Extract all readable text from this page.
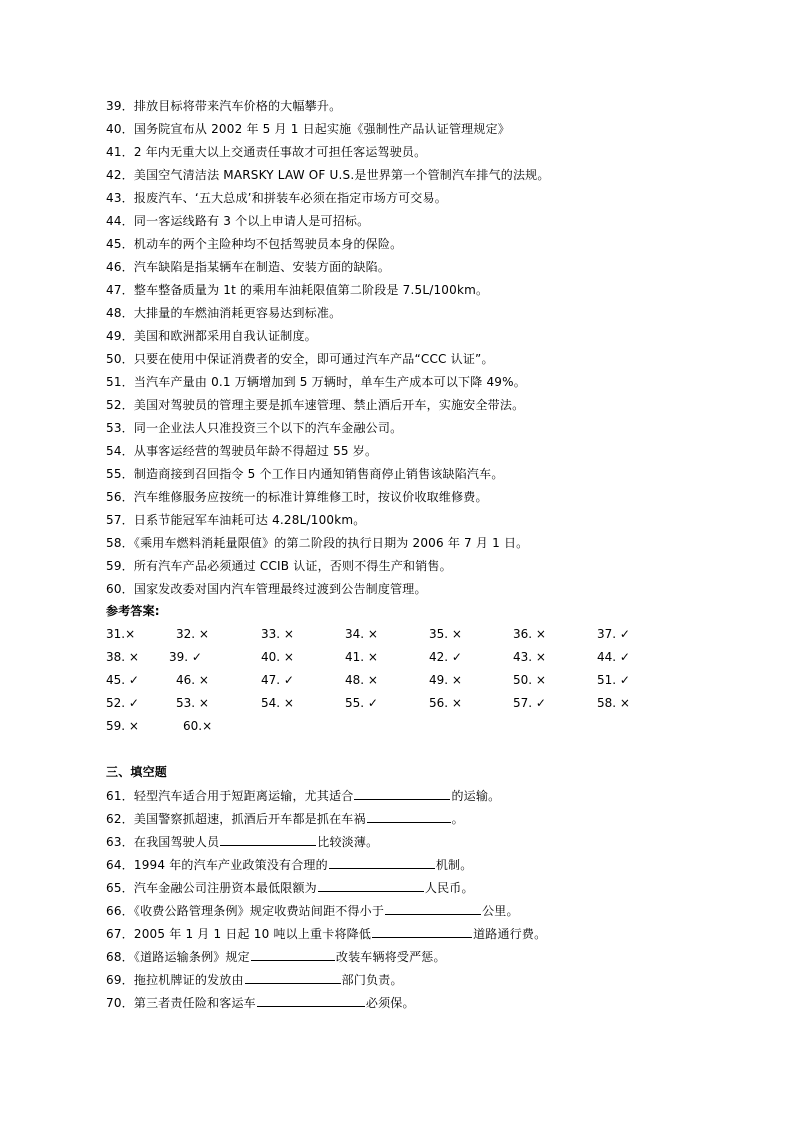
39．排放目标将带来汽车价格的大幅攀升。
40．国务院宣布从 2002 年 5 月 1 日起实施《强制性产品认证管理规定》
41．2 年内无重大以上交通责任事故才可担任客运驾驶员。
42．美国空气清洁法 MARSKY LAW OF U.S.是世界第一个管制汽车排气的法规。
43．报废汽车、‘五大总成’和拼装车必须在指定市场方可交易。
44．同一客运线路有 3 个以上申请人是可招标。
45．机动车的两个主险种均不包括驾驶员本身的保险。
46．汽车缺陷是指某辆车在制造、安装方面的缺陷。
47．整车整备质量为 1t 的乘用车油耗限值第二阶段是 7.5L/100km。
48．大排量的车燃油消耗更容易达到标准。
49．美国和欧洲都采用自我认证制度。
50．只要在使用中保证消费者的安全，即可通过汽车产品“CCC 认证”。
51．当汽车产量由 0.1 万辆增加到 5 万辆时，单车生产成本可以下降 49%。
52．美国对驾驶员的管理主要是抓车速管理、禁止酒后开车，实施安全带法。
53．同一企业法人只准投资三个以下的汽车金融公司。
54．从事客运经营的驾驶员年龄不得超过 55 岁。
55．制造商接到召回指令 5 个工作日内通知销售商停止销售该缺陷汽车。
56．汽车维修服务应按统一的标准计算维修工时，按议价收取维修费。
57．日系节能冠军车油耗可达 4.28L/100km。
58．《乘用车燃料消耗量限值》的第二阶段的执行日期为 2006 年 7 月 1 日。
59．所有汽车产品必须通过 CCIB 认证，否则不得生产和销售。
60．国家发改委对国内汽车管理最终过渡到公告制度管理。
参考答案:
31.×	32. ×	33. ×	34. ×	35. ×	36. ×	37. ✓
38. ×	39. ✓	40. ×	41. ×	42. ✓	43. ×	44. ✓
45. ✓	46. ×	47. ✓	48. ×	49. ×	50. ×	51. ✓
52. ✓	53. ×	54. ×	55. ✓	56. ×	57. ✓	58. ×
59. ×	60.×
三、填空题
61．轻型汽车适合用于短距离运输，尤其适合	的运输。
62．美国警察抓超速，抓酒后开车都是抓在车祸	。
63．在我国驾驶人员	比较淡薄。
64．1994 年的汽车产业政策没有合理的	机制。
65．汽车金融公司注册资本最低限额为	人民币。
66．《收费公路管理条例》规定收费站间距不得小于	公里。
67．2005 年 1 月 1 日起 10 吨以上重卡将降低	道路通行费。
68．《道路运输条例》规定	改装车辆将受严惩。
69．拖拉机牌证的发放由	部门负责。
70．第三者责任险和客运车	必须保。
